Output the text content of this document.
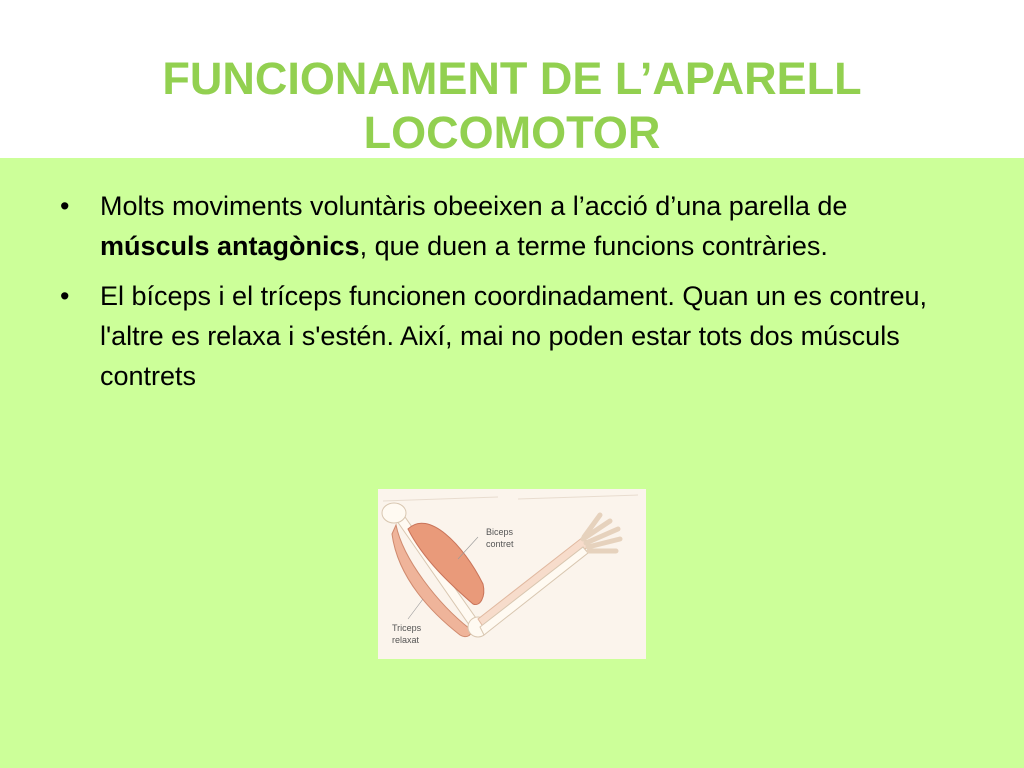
FUNCIONAMENT DE L’APARELL
LOCOMOTOR
• Molts moviments voluntàris obeeixen a l’acció d’una parella de músculs antagònics, que duen a terme funcions contràries.
• El bíceps i el tríceps funcionen coordinadament. Quan un es contreu, l'altre es relaxa i s'estén. Així, mai no poden estar tots dos músculs contrets
Biceps
contret
Triceps
relaxat
